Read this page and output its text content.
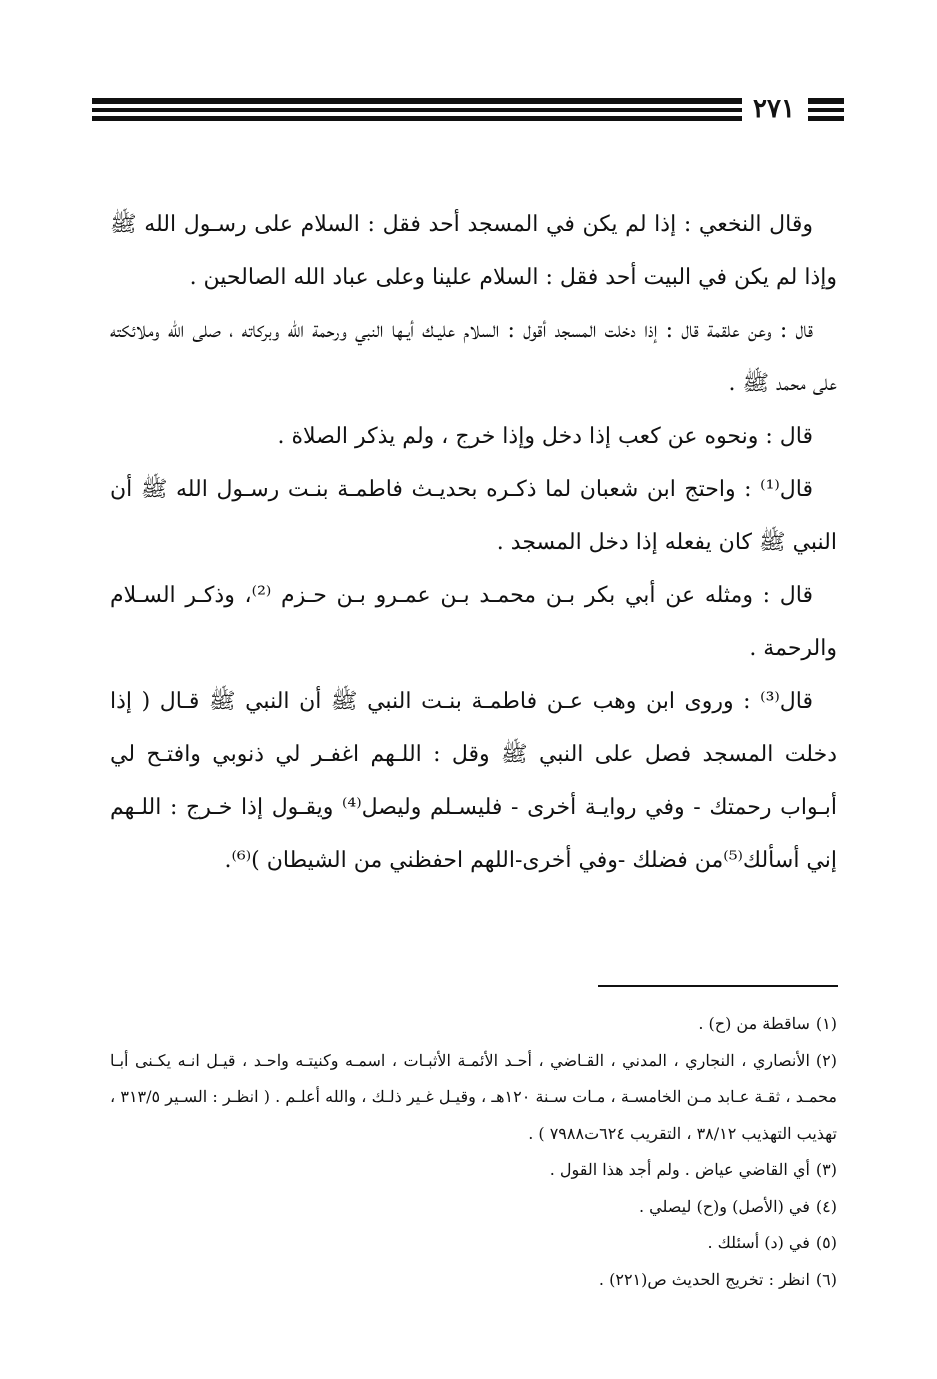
٢٧١

وقال النخعي : إذا لم يكن في المسجد أحد فقل : السلام على رسـول الله ﷺ وإذا لم يكن في البيت أحد فقل : السلام علينا وعلى عباد الله الصالحين .

قال : وعن علقمة قال : إذا دخلت المسجد أقول : السلام عليـك أيـها النبي ورحمة الله وبركاته ، صلى الله وملائكته على محمد ﷺ .

قال : ونحوه عن كعب إذا دخل وإذا خرج ، ولم يذكر الصلاة .

قال⁽¹⁾ : واحتج ابن شعبان لما ذكـره بحديـث فاطمـة بنـت رسـول الله ﷺ أن النبي ﷺ كان يفعله إذا دخل المسجد .

قال : ومثله عن أبي بكر بـن محمـد بـن عمـرو بـن حـزم ⁽²⁾، وذكـر السـلام والرحمة .

قال⁽³⁾ : وروى ابن وهب عـن فاطمـة بنـت النبي ﷺ أن النبي ﷺ قـال ( إذا دخلت المسجد فصل على النبي ﷺ وقل : اللـهم اغفـر لي ذنوبي وافتـح لي أبـواب رحمتك - وفي روايـة أخرى - فليسـلم وليصل⁽⁴⁾ ويقـول إذا خـرج : اللـهم إني أسألك⁽⁵⁾من فضلك -وفي أخرى-اللهم احفظني من الشيطان )⁽⁶⁾.

(١)ساقطة من (ح) .

(٢)الأنصاري ، النجاري ، المدني ، القـاضي ، أحـد الأئمـة الأثبـات ، اسمـه وكنيتـه واحـد ، قيـل انـه يكـنى أبـا محمـد ، ثقـة عـابد مـن الخامسـة ، مـات سـنة ١٢٠هـ ، وقيـل غـير ذلـك ، والله أعلـم . ( انظـر : السـير ٣١٣/٥ ، تهذيب التهذيب ٣٨/١٢ ، التقريب ٦٢٤ت٧٩٨٨ ) .

(٣)أي القاضي عياض . ولم أجد هذا القول .

(٤)في (الأصل) و(ح) ليصلي .

(٥)في (د) أسئلك .

(٦)انظر : تخريج الحديث ص(٢٢١) .
